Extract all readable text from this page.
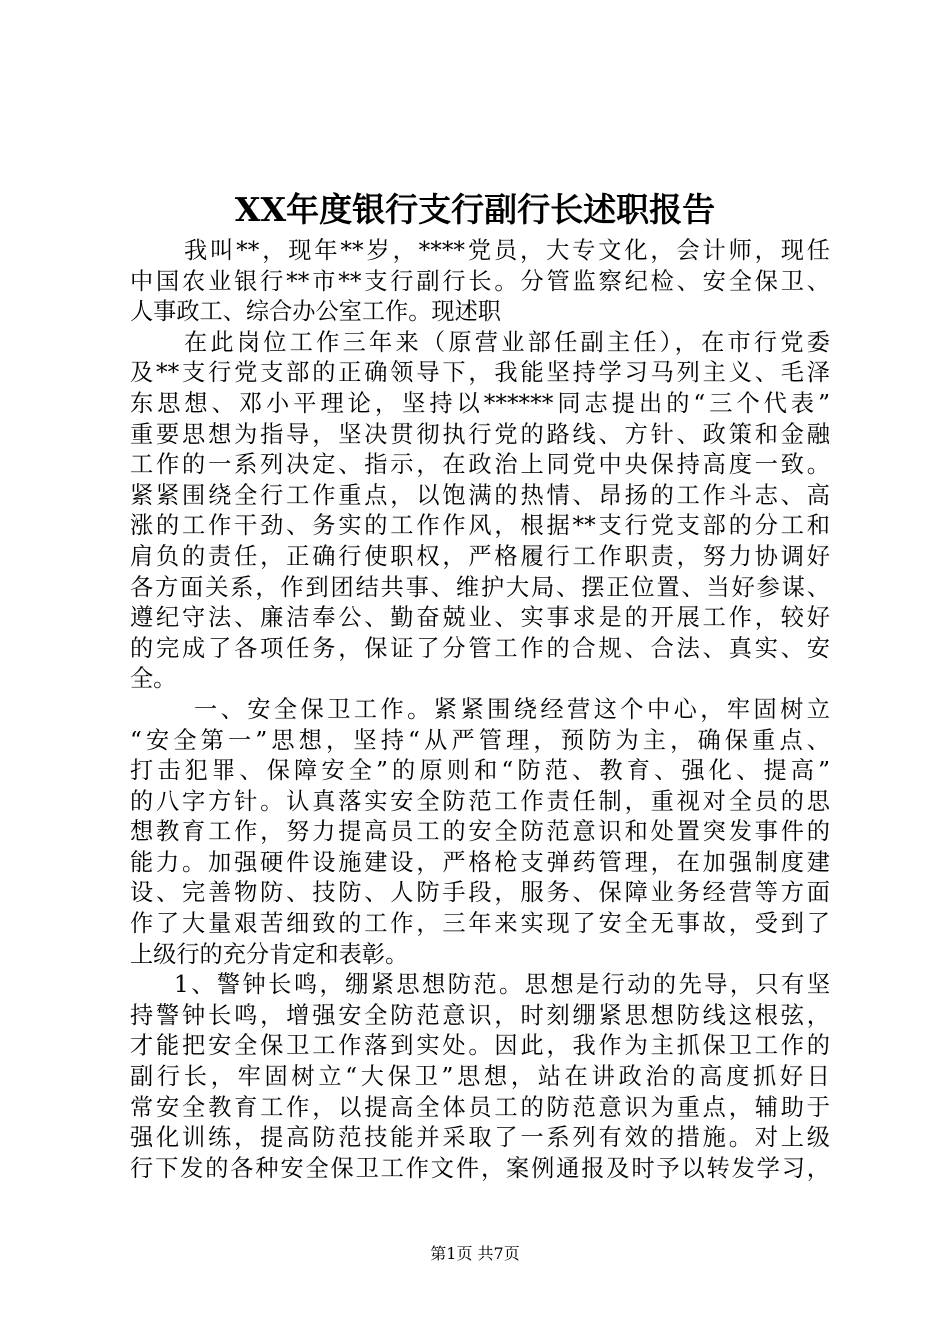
XX年度银行支行副行长述职报告
我叫**，现年**岁，****党员，大专文化，会计师，现任
中国农业银行**市**支行副行长。分管监察纪检、安全保卫、
人事政工、综合办公室工作。现述职
在此岗位工作三年来（原营业部任副主任），在市行党委
及**支行党支部的正确领导下，我能坚持学习马列主义、毛泽
东思想、邓小平理论，坚持以******同志提出的“三个代表”
重要思想为指导，坚决贯彻执行党的路线、方针、政策和金融
工作的一系列决定、指示，在政治上同党中央保持高度一致。
紧紧围绕全行工作重点，以饱满的热情、昂扬的工作斗志、高
涨的工作干劲、务实的工作作风，根据**支行党支部的分工和
肩负的责任，正确行使职权，严格履行工作职责，努力协调好
各方面关系，作到团结共事、维护大局、摆正位置、当好参谋、
遵纪守法、廉洁奉公、勤奋兢业、实事求是的开展工作，较好
的完成了各项任务，保证了分管工作的合规、合法、真实、安
全。
一、安全保卫工作。紧紧围绕经营这个中心，牢固树立
“安全第一”思想，坚持“从严管理，预防为主，确保重点、
打击犯罪、保障安全”的原则和“防范、教育、强化、提高”
的八字方针。认真落实安全防范工作责任制，重视对全员的思
想教育工作，努力提高员工的安全防范意识和处置突发事件的
能力。加强硬件设施建设，严格枪支弹药管理，在加强制度建
设、完善物防、技防、人防手段，服务、保障业务经营等方面
作了大量艰苦细致的工作，三年来实现了安全无事故，受到了
上级行的充分肯定和表彰。
1、警钟长鸣，绷紧思想防范。思想是行动的先导，只有坚
持警钟长鸣，增强安全防范意识，时刻绷紧思想防线这根弦，
才能把安全保卫工作落到实处。因此，我作为主抓保卫工作的
副行长，牢固树立“大保卫”思想，站在讲政治的高度抓好日
常安全教育工作，以提高全体员工的防范意识为重点，辅助于
强化训练，提高防范技能并采取了一系列有效的措施。对上级
行下发的各种安全保卫工作文件，案例通报及时予以转发学习，
第1页 共7页
